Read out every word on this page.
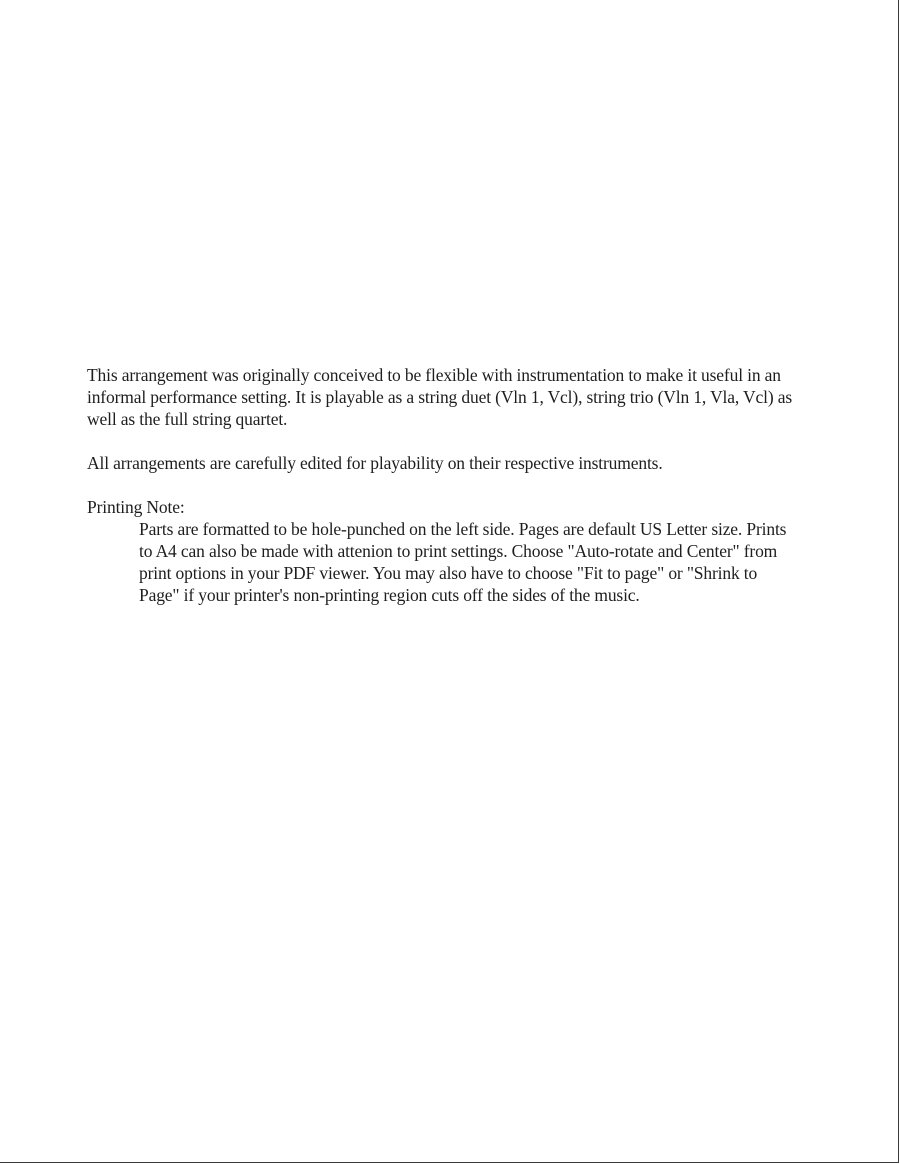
This arrangement was originally conceived to be flexible with instrumentation to make it useful in an informal performance setting. It is playable as a string duet (Vln 1, Vcl), string trio (Vln 1, Vla, Vcl) as well as the full string quartet.

All arrangements are carefully edited for playability on their respective instruments.

Printing Note:

Parts are formatted to be hole-punched on the left side. Pages are default US Letter size. Prints to A4 can also be made with attenion to print settings. Choose "Auto-rotate and Center" from print options in your PDF viewer. You may also have to choose "Fit to page" or "Shrink to Page" if your printer's non-printing region cuts off the sides of the music.
